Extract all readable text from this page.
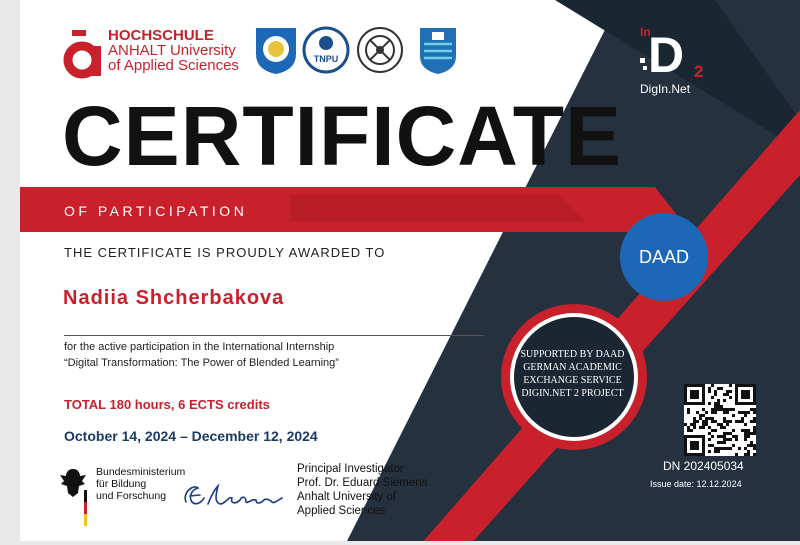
HOCHSCHULE
ANHALT University
of Applied Sciences	TNPU
In
D 2
DigIn.Net
CERTIFICATE
OF PARTICIPATION
THE CERTIFICATE IS PROUDLY AWARDED TO
Nadiia Shcherbakova
for the active participation in the International Internship
“Digital Transformation: The Power of Blended Learning”
TOTAL 180 hours, 6 ECTS credits
October 14, 2024 – December 12, 2024
DAAD
SUPPORTED BY DAAD
GERMAN ACADEMIC
EXCHANGE SERVICE
DIGIN.NET 2 PROJECT
DN 202405034
Issue date: 12.12.2024
Bundesministerium
für Bildung
und Forschung
Principal Investigator
Prof. Dr. Eduard Siemens
Anhalt University of
Applied Sciences
